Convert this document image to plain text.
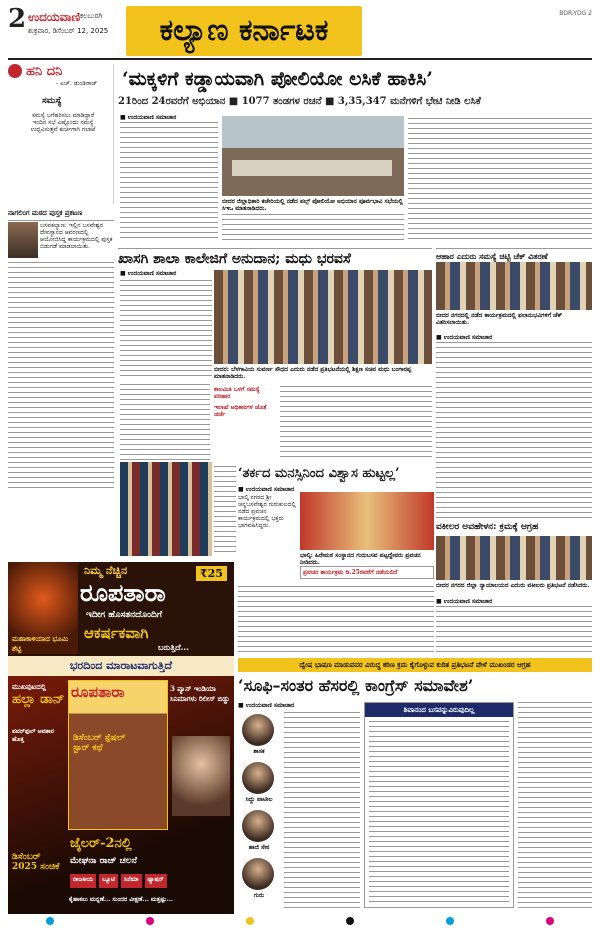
2 ಉದಯವಾಣಿ ಕಲಬುರಗಿ
ಶುಕ್ರವಾರ, ಡಿಸೆಂಬರ್ 12, 2025	ಕಲ್ಯಾಣ ಕರ್ನಾಟಕ	BDR-YDG 2
ಹನಿ ದನಿ
- ಎಚ್. ಡುಂಡಿರಾಜ್
ಸಮಸ್ಯೆ
ಸಮಸ್ಯೆ ಬಗೆಹರಿಸಲು ಮಾಡಿದ್ದಾರೆ ಇಂದಿನ ಸಭೆ ಎಷ್ಟೊಂದು ಸಮಸ್ಯೆ ಉದ್ಭವಿಸುತ್ತವೆ ಕುರ್ಚಿಗಾಗಿ ಗಲಾಟೆ
ನಾಗಲಿಂಗ ಮಠದ ಪುಸ್ತಕ ಪ್ರಕಟಣ
ಬಸವಕಲ್ಯಾಣ: ಇಲ್ಲಿನ ಬಸವೇಶ್ವರ ದೇವಸ್ಥಾನದ ಆವರಣದಲ್ಲಿ ಆಯೋಜಿಸಿದ್ದ ಕಾರ್ಯಕ್ರಮದಲ್ಲಿ ಪುಸ್ತಕ ಬಿಡುಗಡೆ ಮಾಡಲಾಯಿತು.
‘ಮಕ್ಕಳಿಗೆ ಕಡ್ಡಾಯವಾಗಿ ಪೋಲಿಯೋ ಲಸಿಕೆ ಹಾಕಿಸಿ’
21ರಿಂದ 24ರವರೆಗೆ ಅಭಿಯಾನ ■ 1077 ತಂಡಗಳ ರಚನೆ ■ 3,35,347 ಮನೆಗಳಿಗೆ ಭೇಟಿ ನೀಡಿ ಲಸಿಕೆ
■ ಉದಯವಾಣಿ ಸಮಾಚಾರ
ಬೀದರ ಜಿಲ್ಲಾಧಿಕಾರಿ ಕಚೇರಿಯಲ್ಲಿ ನಡೆದ ಪಲ್ಸ್ ಪೋಲಿಯೋ ಅಭಿಯಾನ ಪೂರ್ವಭಾವಿ ಸಭೆಯಲ್ಲಿ ಸಿಇಒ ಮಾತನಾಡಿದರು.
ಖಾಸಗಿ ಶಾಲಾ ಕಾಲೇಜಿಗೆ ಅನುದಾನ; ಮಧು ಭರವಸೆ
■ ಉದಯವಾಣಿ ಸಮಾಚಾರ
ಬೀದರ: ಬೆಳಗಾವಿಯ ಸುವರ್ಣ ಸೌಧದ ಎದುರು ನಡೆದ ಪ್ರತಿಭಟನೆಯಲ್ಲಿ ಶಿಕ್ಷಣ ಸಚಿವ ಮಧು ಬಂಗಾರಪ್ಪ ಮಾತನಾಡಿದರು.
ಕಾಲಮಿತಿ ಒಳಗೆ ಸಮಸ್ಯೆ ಪರಿಹಾರ
ಇಲಾಖೆ ಅಧಿಕಾರಿಗಳ ಜೊತೆ ಚರ್ಚೆ
ಆಹಾರ ಎದುರು ಸಮಸ್ಯೆ ಚಿಟ್ಟಿ ಚೆಕ್ ವಿತರಣೆ
ಬೀದರ ನಗರದಲ್ಲಿ ನಡೆದ ಕಾರ್ಯಕ್ರಮದಲ್ಲಿ ಫಲಾನುಭವಿಗಳಿಗೆ ಚೆಕ್ ವಿತರಿಸಲಾಯಿತು.
■ ಉದಯವಾಣಿ ಸಮಾಚಾರ
‘ತರ್ಕದ ಮನಸ್ಸಿನಿಂದ ವಿಶ್ವಾಸ ಹುಟ್ಟಲ್ಲ’
■ ಉದಯವಾಣಿ ಸಮಾಚಾರ
ಭಾಲ್ಕಿ ನಗರದ ಶ್ರೀ ಚನ್ನಬಸವೇಶ್ವರ ಗುರುಕುಲದಲ್ಲಿ ನಡೆದ ಪ್ರವಚನ ಕಾರ್ಯಕ್ರಮದಲ್ಲಿ ಭಕ್ತರು ಭಾಗವಹಿಸಿದ್ದರು.
ಭಾಲ್ಕಿ: ಹಿರೇಮಠ ಸಂಸ್ಥಾನದ ಗುರುಬಸವ ಪಟ್ಟದ್ದೇವರು ಪ್ರವಚನ ನೀಡಿದರು.
ಪ್ರವಚನ ಕಾರ್ಯಕ್ರಮ ಡಿ.25ರವರೆಗೆ ನಡೆಯಲಿದೆ
ವಕೀಲರ ಅವಹೇಳನ: ಕ್ರಮಕ್ಕೆ ಆಗ್ರಹ
ಬೀದರ ನಗರದ ಜಿಲ್ಲಾ ನ್ಯಾಯಾಲಯದ ಎದುರು ವಕೀಲರು ಪ್ರತಿಭಟನೆ ನಡೆಸಿದರು.
■ ಉದಯವಾಣಿ ಸಮಾಚಾರ
ನಿಮ್ಮ ನೆಚ್ಚಿನ	₹25
ರೂಪತಾರಾ
ಇದೀಗ ಹೊಸತನದೊಂದಿಗೆ
ಆಕರ್ಷಕವಾಗಿ
ಬರುತ್ತಿದೆ...
ಮಹಾಕಾಳಿಯಾದ ಭೂಮಿ ಶೆಟ್ಟಿ
ಭರದಿಂದ ಮಾರಾಟವಾಗುತ್ತಿದೆ
ಮುಖಪುಟದಲ್ಲಿ
ಹಲ್ಲಾ ಡಾನ್
ಪವರ್‌ಫುಲ್ ಅವತಾರ ಹೊತ್ತ
ರೂಪತಾರಾ
ಡಿಸೆಂಬರ್ ಸ್ಪೆಷಲ್ ಸ್ಟಾರ್ ಕಥೆ
3 ಪ್ಯಾನ್ ಇಂಡಿಯಾ ಸಿನಿಮಾಗಳು ರಿಲೀಸ್ ಬಿಡ್ಡು
ಜೈಲರ್-2ನಲ್ಲಿ
ಮೇಘನಾ ರಾಜ್ ಚಲನೆ
ಡಿಸೆಂಬರ್ 2025 ಸಂಚಿಕೆ
ರಾಜಕೀಯ	ಬ್ಯೂಟಿ	ಸಿನೆಮಾ	ಫ್ಯಾಷನ್
ಕೈಹಾಕಲು ಮನ್ನಣೆ... ಸುಂದರ ವೀಕ್ಷಣೆ... ಮತ್ತಷ್ಟು...
ದ್ವೇಷ ಭಾಷಣ ಮಾಡುವವರ ವಿರುದ್ಧ ಕಠಿಣ ಕ್ರಮ ಕೈಗೊಳ್ಳುವ ಕುರಿತ ಪ್ರತಿಭಟನೆ ವೇಳೆ ಮುಖಂಡರ ಆಗ್ರಹ
‘ಸೂಫಿ–ಸಂತರ ಹೆಸರಲ್ಲಿ ಕಾಂಗ್ರೆಸ್ ಸಮಾವೇಶ’
■ ಉದಯವಾಣಿ ಸಮಾಚಾರ
ಶಾಸಕ
ಸಿದ್ದು ಪಾಟೀಲ
ಹಾಜಿ ಸೇಠ
ಗುರು
ಶಿವಾನಂದ ಬಸವನ್ನುವಿರುವುದಿಲ್ಲ
